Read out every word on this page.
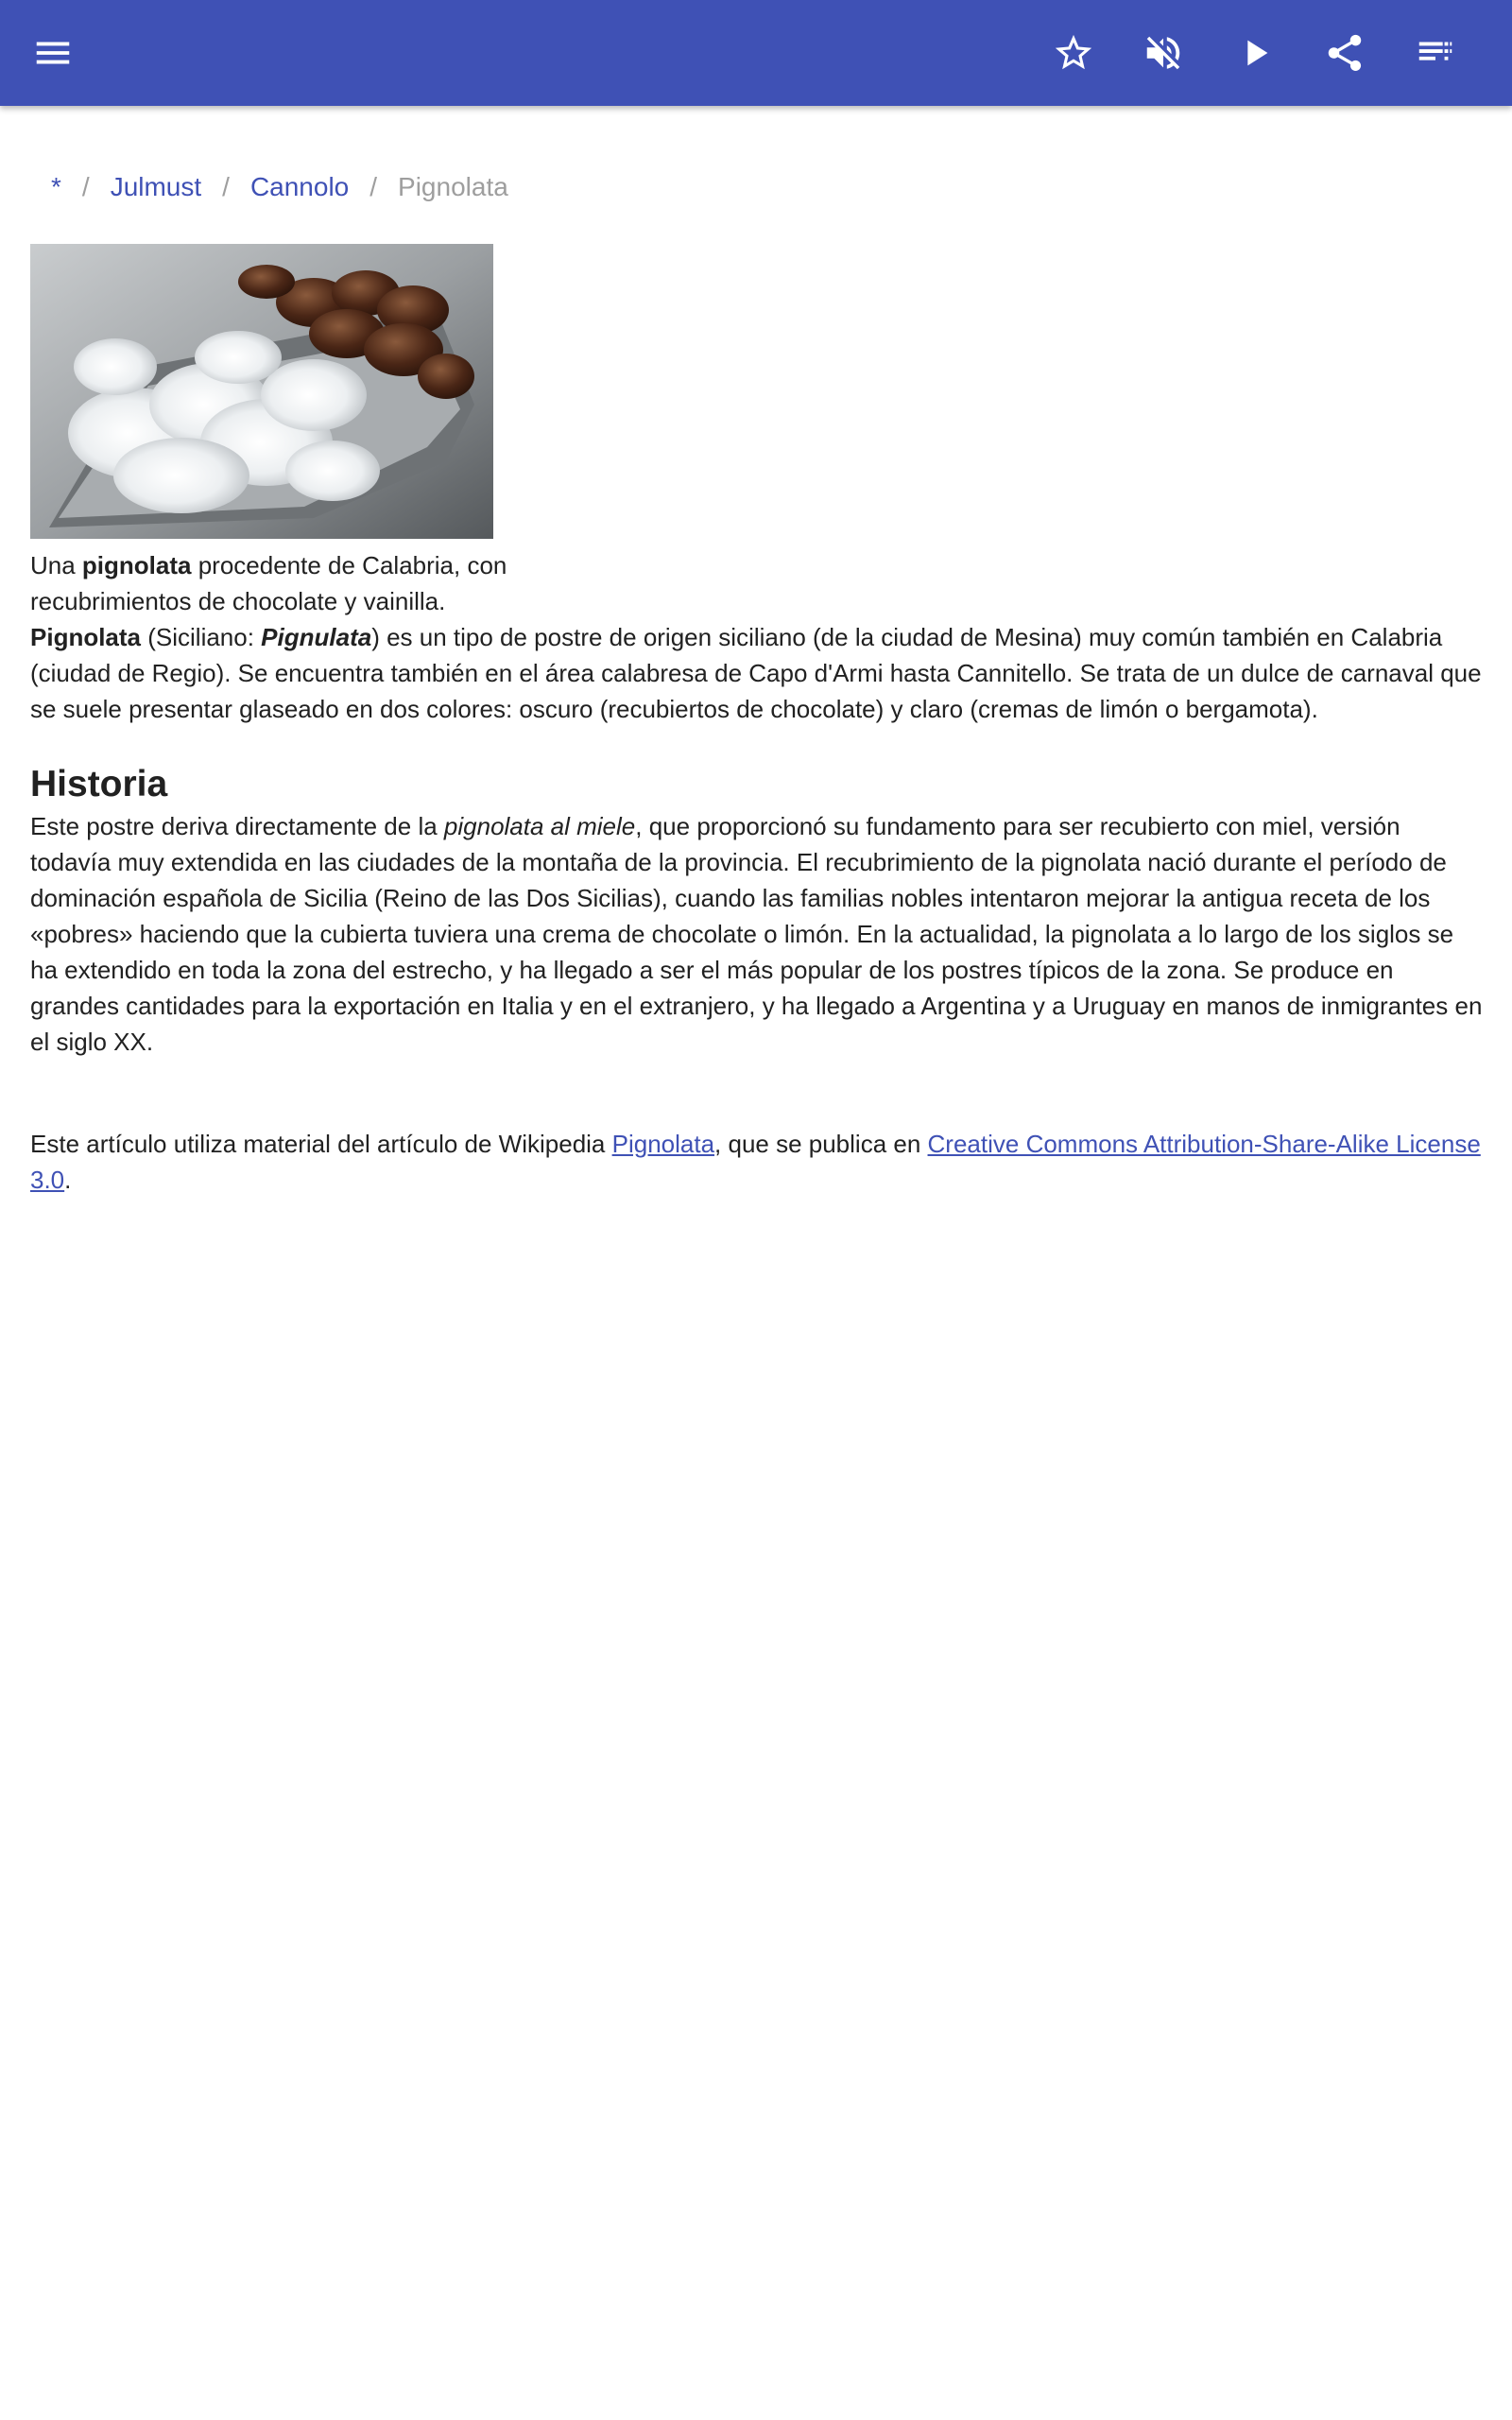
* / Julmust / Cannolo / Pignolata
Una pignolata procedente de Calabria, con recubrimientos de chocolate y vainilla.

Pignolata (Siciliano: Pignulata) es un tipo de postre de origen siciliano (de la ciudad de Mesina) muy común también en Calabria (ciudad de Regio). Se encuentra también en el área calabresa de Capo d'Armi hasta Cannitello. Se trata de un dulce de carnaval que se suele presentar glaseado en dos colores: oscuro (recubiertos de chocolate) y claro (cremas de limón o bergamota).

Historia

Este postre deriva directamente de la pignolata al miele, que proporcionó su fundamento para ser recubierto con miel, versión todavía muy extendida en las ciudades de la montaña de la provincia. El recubrimiento de la pignolata nació durante el período de dominación española de Sicilia (Reino de las Dos Sicilias), cuando las familias nobles intentaron mejorar la antigua receta de los «pobres» haciendo que la cubierta tuviera una crema de chocolate o limón. En la actualidad, la pignolata a lo largo de los siglos se ha extendido en toda la zona del estrecho, y ha llegado a ser el más popular de los postres típicos de la zona. Se produce en grandes cantidades para la exportación en Italia y en el extranjero, y ha llegado a Argentina y a Uruguay en manos de inmigrantes en el siglo XX.

Este artículo utiliza material del artículo de Wikipedia Pignolata, que se publica en Creative Commons Attribution-Share-Alike License 3.0.
